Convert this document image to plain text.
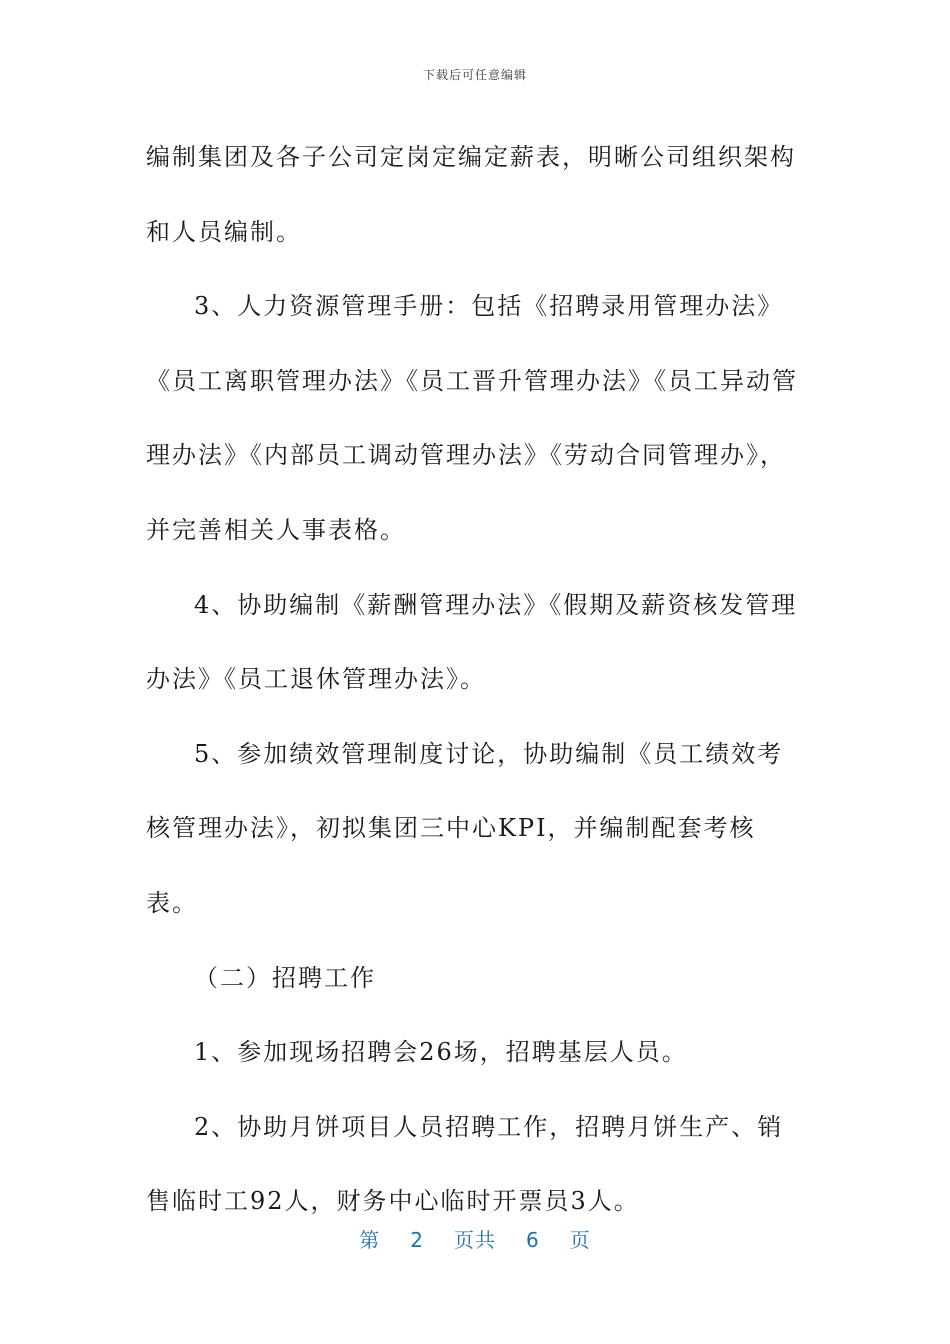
下载后可任意编辑

编制集团及各子公司定岗定编定薪表，明晰公司组织架构和人员编制。

3、人力资源管理手册：包括《招聘录用管理办法》《员工离职管理办法》《员工晋升管理办法》《员工异动管理办法》《内部员工调动管理办法》《劳动合同管理办》，并完善相关人事表格。

4、协助编制《薪酬管理办法》《假期及薪资核发管理办法》《员工退休管理办法》。

5、参加绩效管理制度讨论，协助编制《员工绩效考核管理办法》，初拟集团三中心KPI，并编制配套考核表。

（二）招聘工作

1、参加现场招聘会26场，招聘基层人员。

2、协助月饼项目人员招聘工作，招聘月饼生产、销售临时工92人，财务中心临时开票员3人。

第 2 页共 6 页
